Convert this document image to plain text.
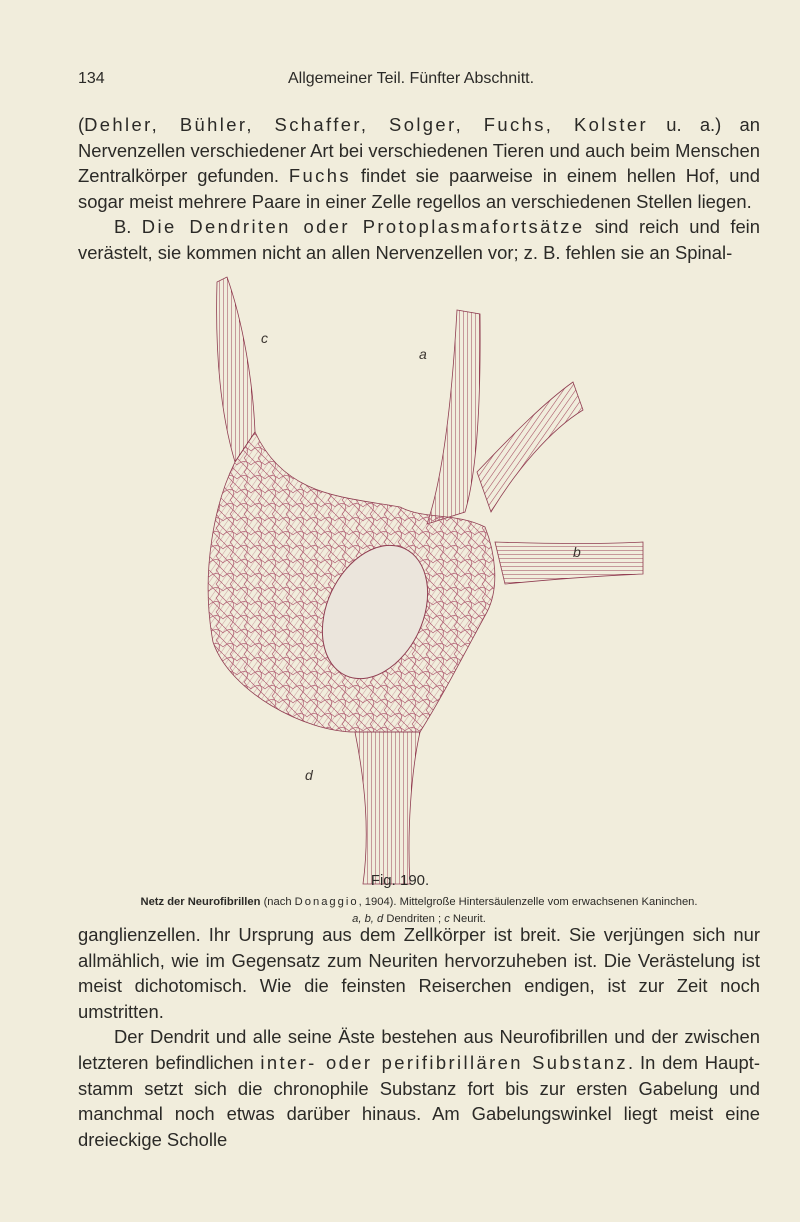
134	Allgemeiner Teil. Fünfter Abschnitt.

(Dehler, Bühler, Schaffer, Solger, Fuchs, Kolster u. a.) an Nervenzellen verschiedener Art bei verschiedenen Tieren und auch beim Menschen Zentralkörper gefunden. Fuchs findet sie paarweise in einem hellen Hof, und sogar meist mehrere Paare in einer Zelle regellos an verschiedenen Stellen liegen.

B. Die Dendriten oder Protoplasmafortsätze sind reich und fein verästelt, sie kommen nicht an allen Nervenzellen vor; z. B. fehlen sie an Spinal-

c
a
b
d
Fig. 190.
Netz der Neurofibrillen (nach Donaggio, 1904). Mittelgroße Hintersäulenzelle vom erwachsenen Kaninchen.
a, b, d Dendriten ; c Neurit.

ganglienzellen. Ihr Ursprung aus dem Zellkörper ist breit. Sie verjüngen sich nur allmählich, wie im Gegensatz zum Neuriten hervorzuheben ist. Die Verästelung ist meist dichotomisch. Wie die feinsten Reiserchen endigen, ist zur Zeit noch umstritten.

Der Dendrit und alle seine Äste bestehen aus Neurofibrillen und der zwischen letzteren befindlichen inter- oder perifibrillären Substanz. In dem Hauptstamm setzt sich die chronophile Substanz fort bis zur ersten Gabelung und manchmal noch etwas darüber hinaus. Am Gabelungswinkel liegt meist eine dreieckige Scholle
